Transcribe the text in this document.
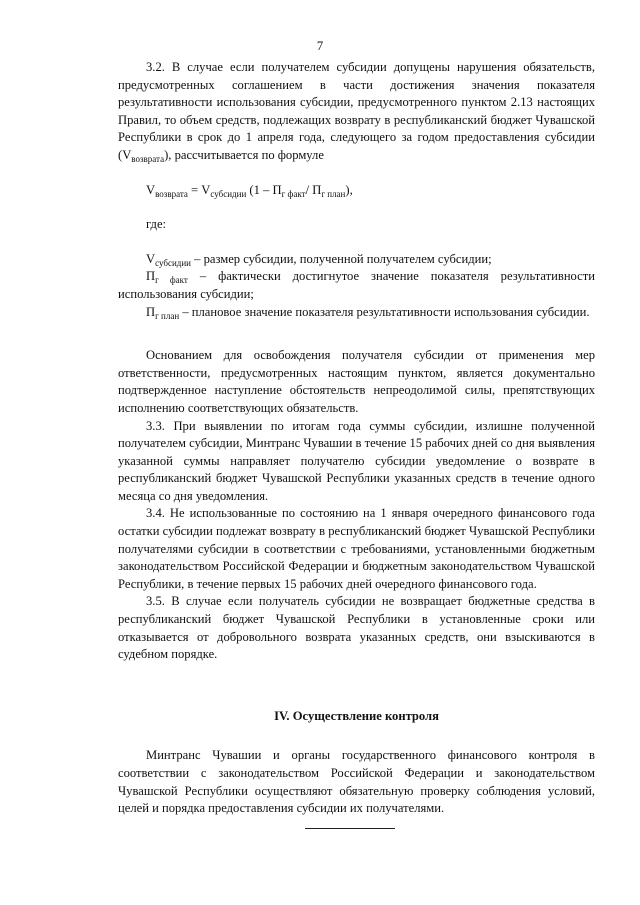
7

3.2. В случае если получателем субсидии допущены нарушения обязательств, предусмотренных соглашением в части достижения значения показателя результативности использования субсидии, предусмотренного пунктом 2.13 настоящих Правил, то объем средств, подлежащих возврату в республиканский бюджет Чувашской Республики в срок до 1 апреля года, следующего за годом предоставления субсидии $(V_{возврата})$, рассчитывается по формуле

$V_{возврата} = V_{субсидии}$ ($1 - П_{г факт}/$ $П_{г план}$),

где:

$V_{субсидии}$ – размер субсидии, полученной получателем субсидии;

$П_{г факт}$ – фактически достигнутое значение показателя результативности использования субсидии;

$П_{г план}$ – плановое значение показателя результативности использования субсидии.

Основанием для освобождения получателя субсидии от применения мер ответственности, предусмотренных настоящим пунктом, является документально подтвержденное наступление обстоятельств непреодолимой силы, препятствующих исполнению соответствующих обязательств.

3.3. При выявлении по итогам года суммы субсидии, излишне полученной получателем субсидии, Минтранс Чувашии в течение 15 рабочих дней со дня выявления указанной суммы направляет получателю субсидии уведомление о возврате в республиканский бюджет Чувашской Республики указанных средств в течение одного месяца со дня уведомления.

3.4. Не использованные по состоянию на 1 января очередного финансового года остатки субсидии подлежат возврату в республиканский бюджет Чувашской Республики получателями субсидии в соответствии с требованиями, установленными бюджетным законодательством Российской Федерации и бюджетным законодательством Чувашской Республики, в течение первых 15 рабочих дней очередного финансового года.

3.5. В случае если получатель субсидии не возвращает бюджетные средства в республиканский бюджет Чувашской Республики в установленные сроки или отказывается от добровольного возврата указанных средств, они взыскиваются в судебном порядке.

IV. Осуществление контроля

Минтранс Чувашии и органы государственного финансового контроля в соответствии с законодательством Российской Федерации и законодательством Чувашской Республики осуществляют обязательную проверку соблюдения условий, целей и порядка предоставления субсидии их получателями.
